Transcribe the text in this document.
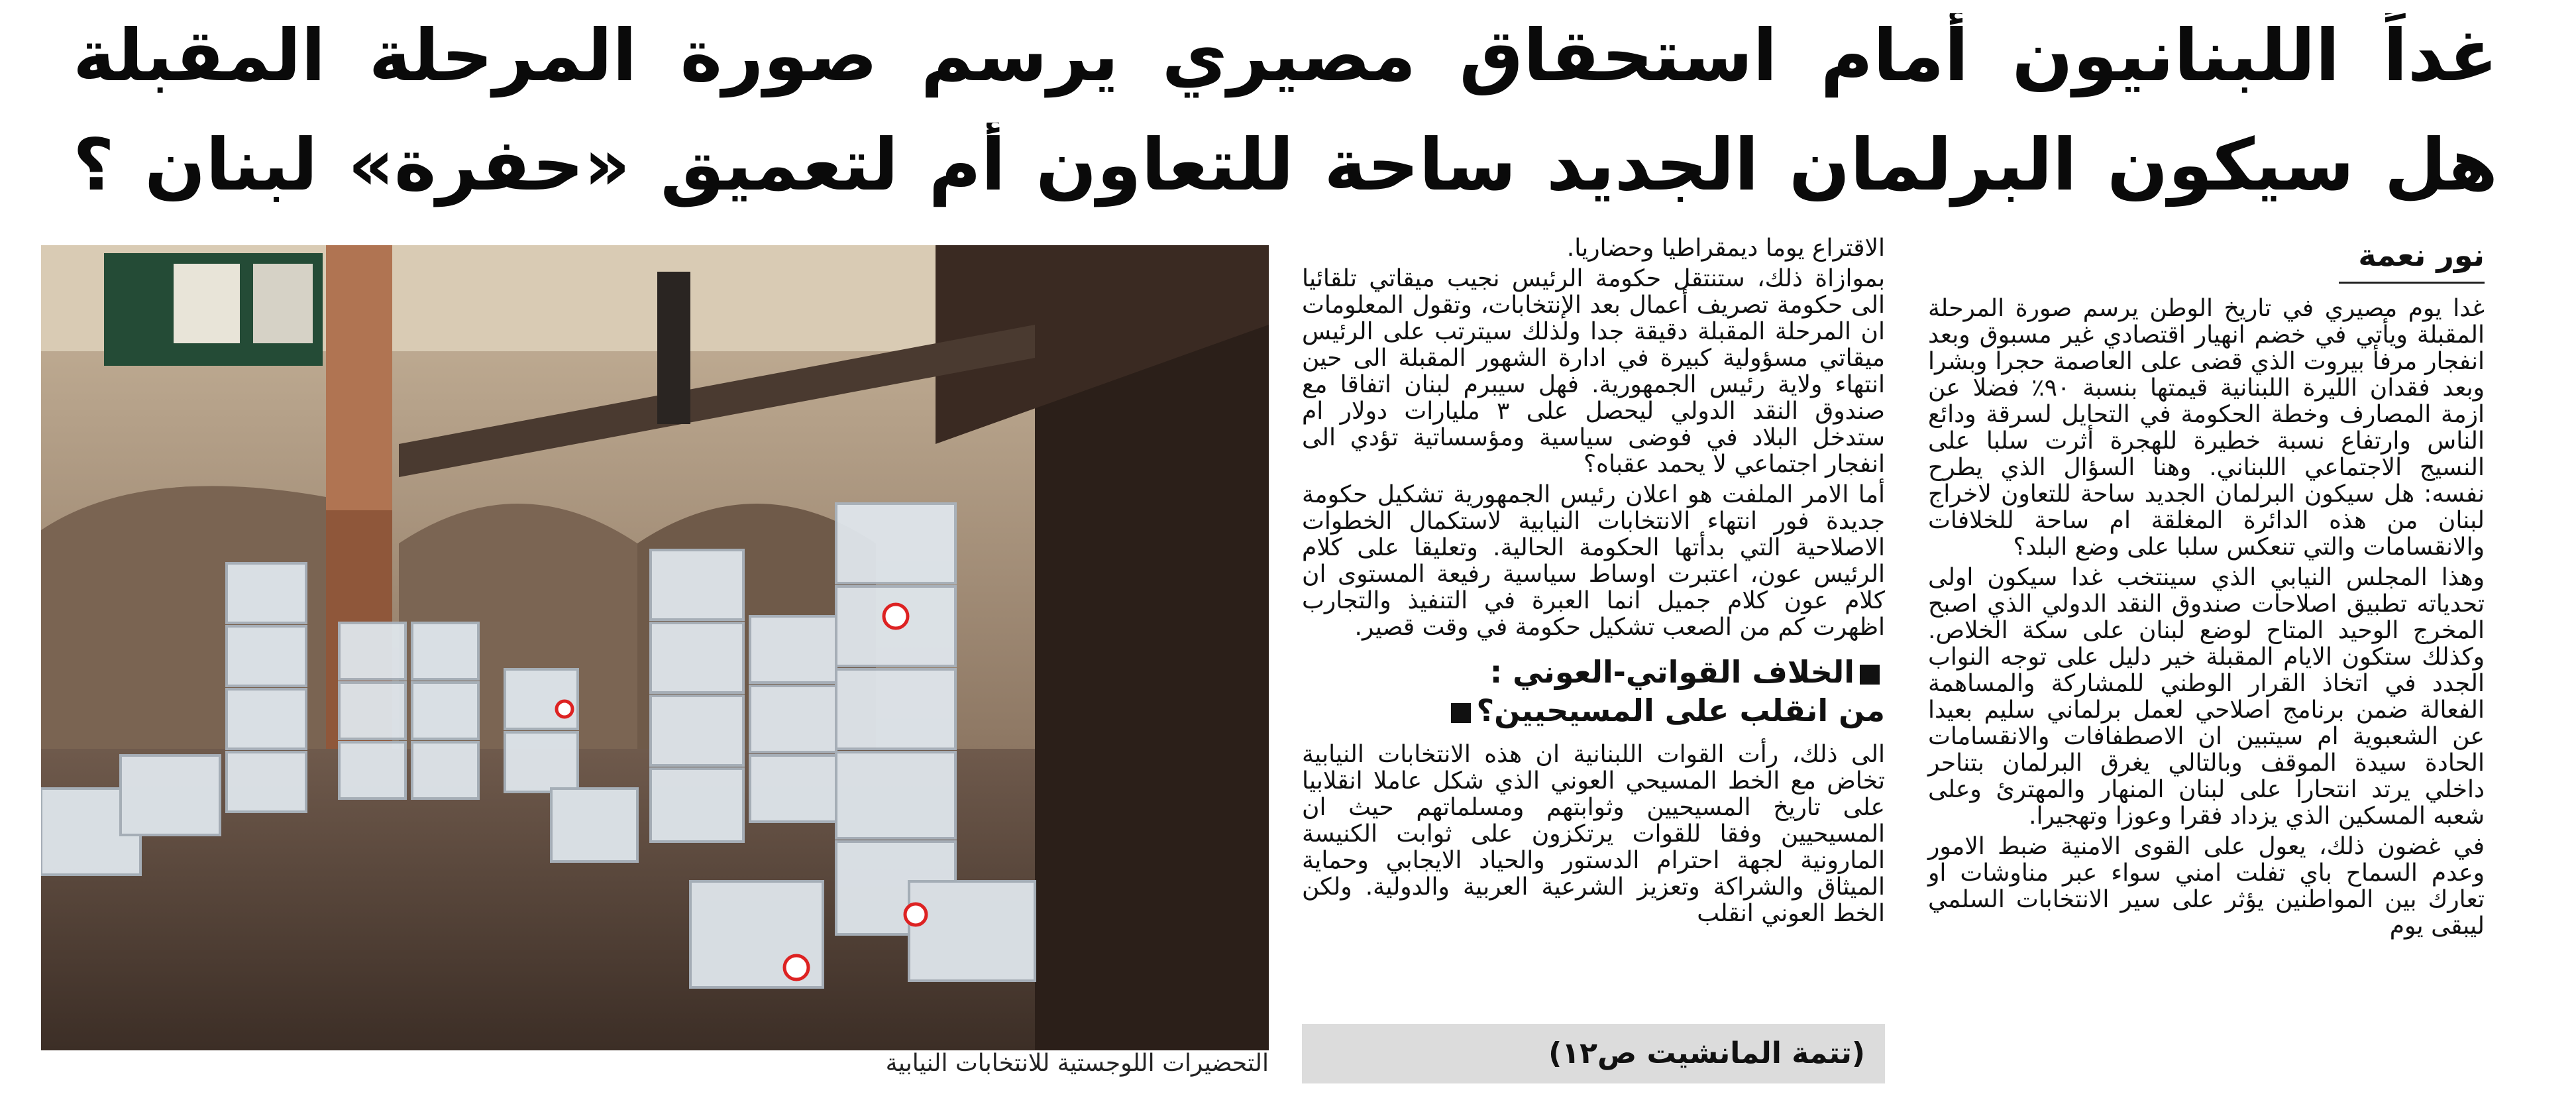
غداً اللبنانيون أمام استحقاق مصيري يرسم صورة المرحلة المقبلة
هل سيكون البرلمان الجديد ساحة للتعاون أم لتعميق «حفرة» لبنان ؟
نور نعمة

غدا يوم مصيري في تاريخ الوطن يرسم صورة المرحلة المقبلة ويأتي في خضم انهيار اقتصادي غير مسبوق وبعد انفجار مرفأ بيروت الذي قضى على العاصمة حجرا وبشرا وبعد فقدان الليرة اللبنانية قيمتها بنسبة ٩٠٪ فضلا عن ازمة المصارف وخطة الحكومة في التحايل لسرقة ودائع الناس وارتفاع نسبة خطيرة للهجرة أثرت سلبا على النسيج الاجتماعي اللبناني. وهنا السؤال الذي يطرح نفسه: هل سيكون البرلمان الجديد ساحة للتعاون لاخراج لبنان من هذه الدائرة المغلقة ام ساحة للخلافات والانقسامات والتي تنعكس سلبا على وضع البلد؟

وهذا المجلس النيابي الذي سينتخب غدا سيكون اولى تحدياته تطبيق اصلاحات صندوق النقد الدولي الذي اصبح المخرج الوحيد المتاح لوضع لبنان على سكة الخلاص. وكذلك ستكون الايام المقبلة خير دليل على توجه النواب الجدد في اتخاذ القرار الوطني للمشاركة والمساهمة الفعالة ضمن برنامج اصلاحي لعمل برلماني سليم بعيدا عن الشعبوية ام سيتبين ان الاصطفافات والانقسامات الحادة سيدة الموقف وبالتالي يغرق البرلمان بتناحر داخلي يرتد انتحارا على لبنان المنهار والمهترئ وعلى شعبه المسكين الذي يزداد فقرا وعوزا وتهجيرا.

في غضون ذلك، يعول على القوى الامنية ضبط الامور وعدم السماح باي تفلت امني سواء عبر مناوشات او تعارك بين المواطنين يؤثر على سير الانتخابات السلمي ليبقى يوم

الاقتراع يوما ديمقراطيا وحضاريا.

بموازاة ذلك، ستنتقل حكومة الرئيس نجيب ميقاتي تلقائيا الى حكومة تصريف أعمال بعد الإنتخابات، وتقول المعلومات ان المرحلة المقبلة دقيقة جدا ولذلك سيترتب على الرئيس ميقاتي مسؤولية كبيرة في ادارة الشهور المقبلة الى حين انتهاء ولاية رئيس الجمهورية. فهل سيبرم لبنان اتفاقا مع صندوق النقد الدولي ليحصل على ٣ مليارات دولار ام ستدخل البلاد في فوضى سياسية ومؤسساتية تؤدي الى انفجار اجتماعي لا يحمد عقباه؟

أما الامر الملفت هو اعلان رئيس الجمهورية تشكيل حكومة جديدة فور انتهاء الانتخابات النيابية لاستكمال الخطوات الاصلاحية التي بدأتها الحكومة الحالية. وتعليقا على كلام الرئيس عون، اعتبرت اوساط سياسية رفيعة المستوى ان كلام عون كلام جميل انما العبرة في التنفيذ والتجارب اظهرت كم من الصعب تشكيل حكومة في وقت قصير.

الخلاف القواتي-العوني :
من انقلب على المسيحيين؟

الى ذلك، رأت القوات اللبنانية ان هذه الانتخابات النيابية تخاض مع الخط المسيحي العوني الذي شكل عاملا انقلابيا على تاريخ المسيحيين وثوابتهم ومسلماتهم حيث ان المسيحيين وفقا للقوات يرتكزون على ثوابت الكنيسة المارونية لجهة احترام الدستور والحياد الايجابي وحماية الميثاق والشراكة وتعزيز الشرعية العربية والدولية. ولكن الخط العوني انقلب

(تتمة المانشيت ص١٢)
التحضيرات اللوجستية للانتخابات النيابية
